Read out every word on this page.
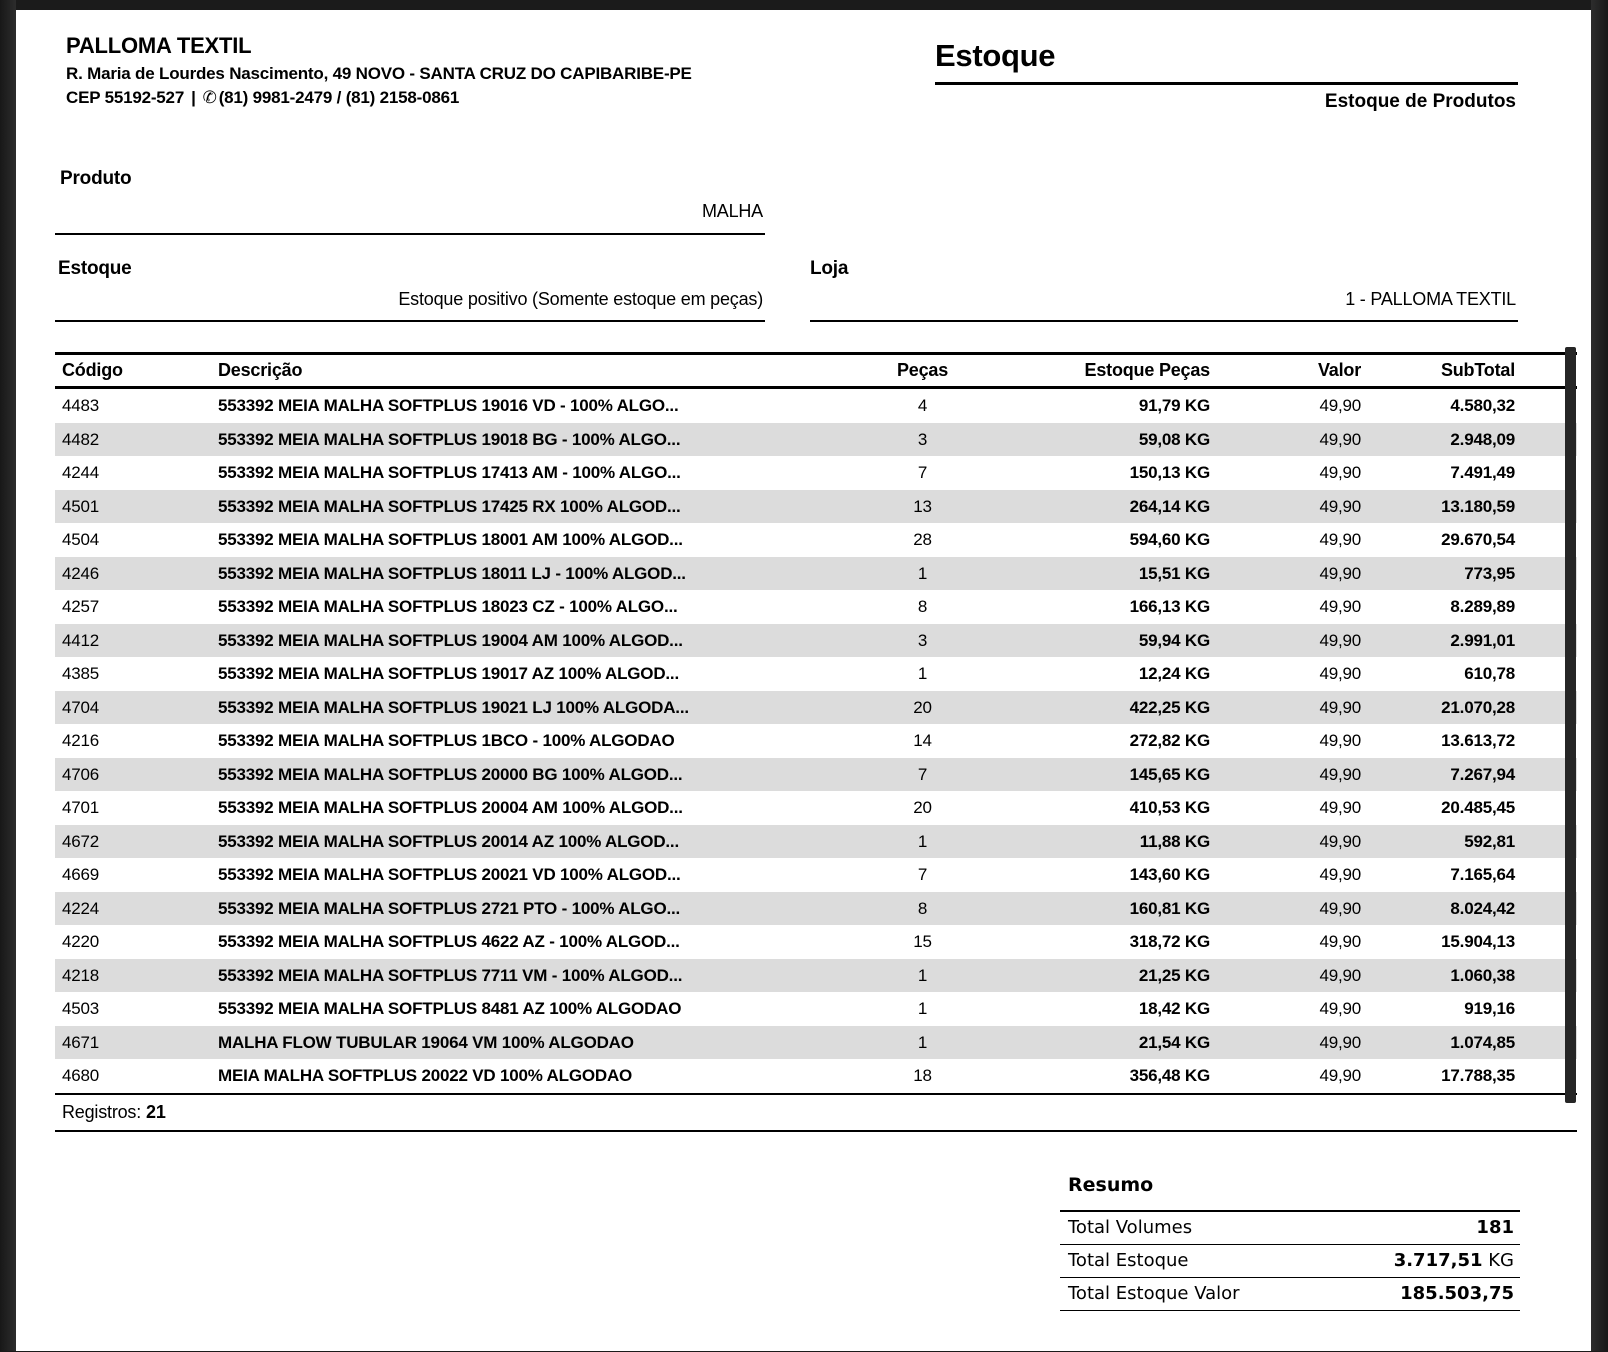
PALLOMA TEXTIL
R. Maria de Lourdes Nascimento, 49 NOVO - SANTA CRUZ DO CAPIBARIBE-PE
CEP 55192-527 | ✆ (81) 9981-2479 / (81) 2158-0861
Estoque
Estoque de Produtos
Produto
MALHA
Estoque
Estoque positivo (Somente estoque em peças)
Loja
1 - PALLOMA TEXTIL
Código	Descrição	Peças	Estoque Peças	Valor	SubTotal
4483	553392 MEIA MALHA SOFTPLUS 19016 VD - 100% ALGO...	4	91,79 KG	49,90	4.580,32
4482	553392 MEIA MALHA SOFTPLUS 19018 BG - 100% ALGO...	3	59,08 KG	49,90	2.948,09
4244	553392 MEIA MALHA SOFTPLUS 17413 AM - 100% ALGO...	7	150,13 KG	49,90	7.491,49
4501	553392 MEIA MALHA SOFTPLUS 17425 RX 100% ALGOD...	13	264,14 KG	49,90	13.180,59
4504	553392 MEIA MALHA SOFTPLUS 18001 AM 100% ALGOD...	28	594,60 KG	49,90	29.670,54
4246	553392 MEIA MALHA SOFTPLUS 18011 LJ - 100% ALGOD...	1	15,51 KG	49,90	773,95
4257	553392 MEIA MALHA SOFTPLUS 18023 CZ - 100% ALGO...	8	166,13 KG	49,90	8.289,89
4412	553392 MEIA MALHA SOFTPLUS 19004 AM 100% ALGOD...	3	59,94 KG	49,90	2.991,01
4385	553392 MEIA MALHA SOFTPLUS 19017 AZ 100% ALGOD...	1	12,24 KG	49,90	610,78
4704	553392 MEIA MALHA SOFTPLUS 19021 LJ 100% ALGODA...	20	422,25 KG	49,90	21.070,28
4216	553392 MEIA MALHA SOFTPLUS 1BCO - 100% ALGODAO	14	272,82 KG	49,90	13.613,72
4706	553392 MEIA MALHA SOFTPLUS 20000 BG 100% ALGOD...	7	145,65 KG	49,90	7.267,94
4701	553392 MEIA MALHA SOFTPLUS 20004 AM 100% ALGOD...	20	410,53 KG	49,90	20.485,45
4672	553392 MEIA MALHA SOFTPLUS 20014 AZ 100% ALGOD...	1	11,88 KG	49,90	592,81
4669	553392 MEIA MALHA SOFTPLUS 20021 VD 100% ALGOD...	7	143,60 KG	49,90	7.165,64
4224	553392 MEIA MALHA SOFTPLUS 2721 PTO - 100% ALGO...	8	160,81 KG	49,90	8.024,42
4220	553392 MEIA MALHA SOFTPLUS 4622 AZ - 100% ALGOD...	15	318,72 KG	49,90	15.904,13
4218	553392 MEIA MALHA SOFTPLUS 7711 VM - 100% ALGOD...	1	21,25 KG	49,90	1.060,38
4503	553392 MEIA MALHA SOFTPLUS 8481 AZ 100% ALGODAO	1	18,42 KG	49,90	919,16
4671	MALHA FLOW TUBULAR 19064 VM 100% ALGODAO	1	21,54 KG	49,90	1.074,85
4680	MEIA MALHA SOFTPLUS 20022 VD 100% ALGODAO	18	356,48 KG	49,90	17.788,35
Registros: 21
Resumo
Total Volumes	181
Total Estoque	3.717,51 KG
Total Estoque Valor	185.503,75
